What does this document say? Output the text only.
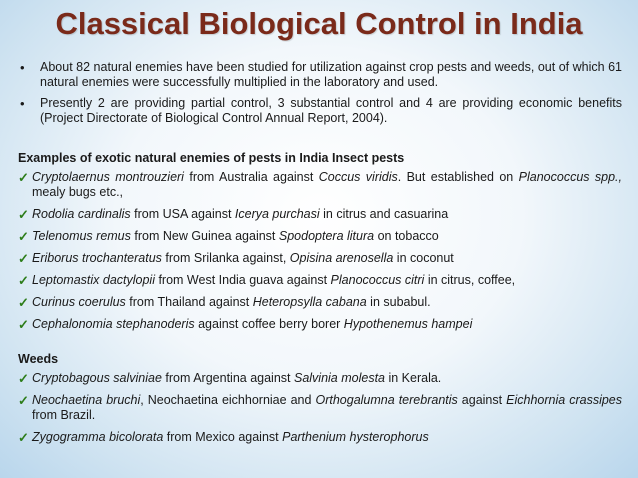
Classical Biological Control in India
• About 82 natural enemies have been studied for utilization against crop pests and weeds, out of which 61 natural enemies were successfully multiplied in the laboratory and used.
• Presently 2 are providing partial control, 3 substantial control and 4 are providing economic benefits (Project Directorate of Biological Control Annual Report, 2004).
Examples of exotic natural enemies of pests in India Insect pests
✓ Cryptolaernus montrouzieri from Australia against Coccus viridis. But established on Planococcus spp., mealy bugs etc.,
✓ Rodolia cardinalis from USA against Icerya purchasi in citrus and casuarina
✓ Telenomus remus from New Guinea against Spodoptera litura on tobacco
✓ Eriborus trochanteratus from Srilanka against, Opisina arenosella in coconut
✓ Leptomastix dactylopii from West India guava against Planococcus citri in citrus, coffee,
✓ Curinus coerulus from Thailand against Heteropsylla cabana in subabul.
✓ Cephalonomia stephanoderis against coffee berry borer Hypothenemus hampei
Weeds
✓ Cryptobagous salviniae from Argentina against Salvinia molesta in Kerala.
✓ Neochaetina bruchi, Neochaetina eichhorniae and Orthogalumna terebrantis against Eichhornia crassipes from Brazil.
✓ Zygogramma bicolorata from Mexico against Parthenium hysterophorus
